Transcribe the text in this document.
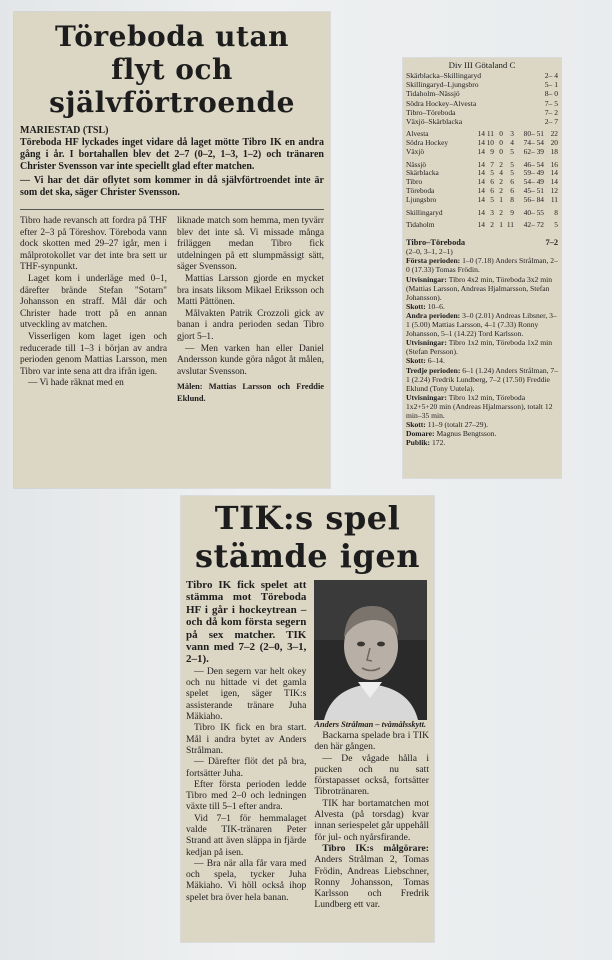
Töreboda utan
flyt och
självförtroende
MARIESTAD (TSL)
Töreboda HF lyckades inget vidare då laget mötte Tibro IK en andra gång i år. I bortahallen blev det 2–7 (0–2, 1–3, 1–2) och tränaren Christer Svensson var inte speciellt glad efter matchen.
— Vi har det där oflytet som kommer in då självförtroendet inte är som det ska, säger Christer Svensson.

Tibro hade revansch att fordra på THF efter 2–3 på Töreshov. Töreboda vann dock skotten med 29–27 igår, men i målprotokollet var det inte bra sett ur THF-synpunkt.

Laget kom i underläge med 0–1, därefter brände Stefan "Sotarn" Johansson en straff. Mål där och Christer hade trott på en annan utveckling av matchen.

Visserligen kom laget igen och reducerade till 1–3 i början av andra perioden genom Mattias Larsson, men Tibro var inte sena att dra ifrån igen.

— Vi hade räknat med en

liknade match som hemma, men tyvärr blev det inte så. Vi missade många friläggen medan Tibro fick utdelningen på ett slumpmässigt sätt, säger Svensson.

Mattias Larsson gjorde en mycket bra insats liksom Mikael Eriksson och Matti Pättönen.

Målvakten Patrik Crozzoli gick av banan i andra perioden sedan Tibro gjort 5–1.

— Men varken han eller Daniel Andersson kunde göra något åt målen, avslutar Svensson.

Målen: Mattias Larsson och Freddie Eklund.

Div III Götaland C
Skärblacka–Skillingaryd	2– 4
Skillingaryd–Ljungsbro	5– 1
Tidaholm–Nässjö	8– 0
Södra Hockey–Alvesta	7– 5
Tibro–Töreboda	7– 2
Växjö–Skärblacka	2– 7
Alvesta	14 11 0 3	80– 51 22
Södra Hockey	14 10 0 4	74– 54 20
Växjö	14 9 0 5	62– 39 18
Nässjö	14 7 2 5	46– 54 16
Skärblacka	14 5 4 5	59– 49 14
Tibro	14 6 2 6	54– 49 14
Töreboda	14 6 2 6	45– 51 12
Ljungsbro	14 5 1 8	56– 84 11
Skillingaryd	14 3 2 9	40– 55	8
Tidaholm	14 2 1 11	42– 72	5
Tibro–Töreboda	7–2
(2–0, 3–1, 2–1)
Första perioden: 1–0 (7.18) Anders Strålman, 2–0 (17.33) Tomas Frödin.
Utvisningar: Tibro 4x2 min, Töreboda 3x2 min (Mattias Larsson, Andreas Hjalmarsson, Stefan Johansson).
Skott: 10–6.
Andra perioden: 3–0 (2.01) Andreas Libsner, 3–1 (5.00) Mattias Larsson, 4–1 (7.33) Ronny Johansson, 5–1 (14.22) Tord Karlsson.
Utvisningar: Tibro 1x2 min, Töreboda 1x2 min (Stefan Persson).
Skott: 6–14.
Tredje perioden: 6–1 (1.24) Anders Strålman, 7–1 (2.24) Fredrik Lundberg, 7–2 (17.50) Freddie Eklund (Tony Uutela).
Utvisningar: Tibro 1x2 min, Töreboda 1x2+5+20 min (Andreas Hjalmarsson), totalt 12 min–35 min.
Skott: 11–9 (totalt 27–29).
Domare: Magnus Bengtsson.
Publik: 172.
TIK:s spel
stämde igen

Tibro IK fick spelet att stämma mot Töreboda HF i går i hockeytrean – och då kom första segern på sex matcher. TIK vann med 7–2 (2–0, 3–1, 2–1).

— Den segern var helt okey och nu hittade vi det gamla spelet igen, säger TIK:s assisterande tränare Juha Mäkiaho.

Tibro IK fick en bra start. Mål i andra bytet av Anders Strålman.

— Därefter flöt det på bra, fortsätter Juha.

Efter första perioden ledde Tibro med 2–0 och ledningen växte till 5–1 efter andra.

Vid 7–1 för hemmalaget valde TIK-tränaren Peter Strand att även släppa in fjärde kedjan på isen.

— Bra när alla får vara med och spela, tycker Juha Mäkiaho. Vi höll också ihop spelet bra över hela banan.

Anders Strålman – tvåmålsskytt.

Backarna spelade bra i TIK den här gången.

— De vågade hålla i pucken och nu satt förstapasset också, fortsätter Tibrotränaren.

TIK har bortamatchen mot Alvesta (på torsdag) kvar innan seriespelet går uppehåll för jul- och nyårsfirande.

Tibro IK:s målgörare: Anders Strålman 2, Tomas Frödin, Andreas Liebschner, Ronny Johansson, Tomas Karlsson och Fredrik Lundberg ett var.
